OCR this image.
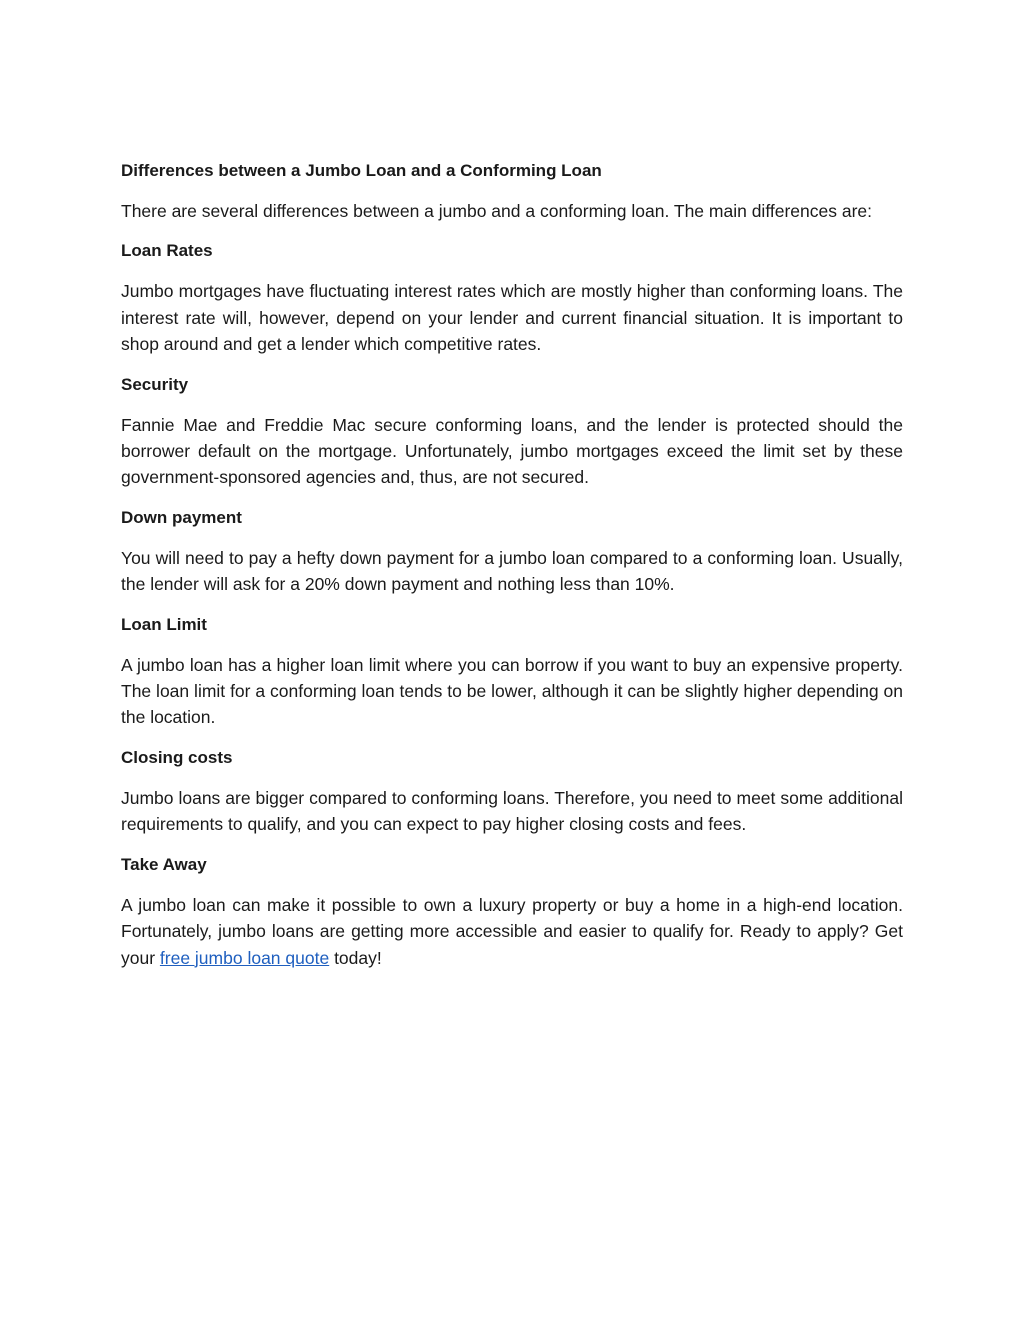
Differences between a Jumbo Loan and a Conforming Loan

There are several differences between a jumbo and a conforming loan. The main differences are:

Loan Rates

Jumbo mortgages have fluctuating interest rates which are mostly higher than conforming loans. The interest rate will, however, depend on your lender and current financial situation. It is important to shop around and get a lender which competitive rates.

Security

Fannie Mae and Freddie Mac secure conforming loans, and the lender is protected should the borrower default on the mortgage. Unfortunately, jumbo mortgages exceed the limit set by these government-sponsored agencies and, thus, are not secured.

Down payment

You will need to pay a hefty down payment for a jumbo loan compared to a conforming loan. Usually, the lender will ask for a 20% down payment and nothing less than 10%.

Loan Limit

A jumbo loan has a higher loan limit where you can borrow if you want to buy an expensive property. The loan limit for a conforming loan tends to be lower, although it can be slightly higher depending on the location.

Closing costs

Jumbo loans are bigger compared to conforming loans. Therefore, you need to meet some additional requirements to qualify, and you can expect to pay higher closing costs and fees.

Take Away

A jumbo loan can make it possible to own a luxury property or buy a home in a high-end location. Fortunately, jumbo loans are getting more accessible and easier to qualify for. Ready to apply? Get your free jumbo loan quote today!
